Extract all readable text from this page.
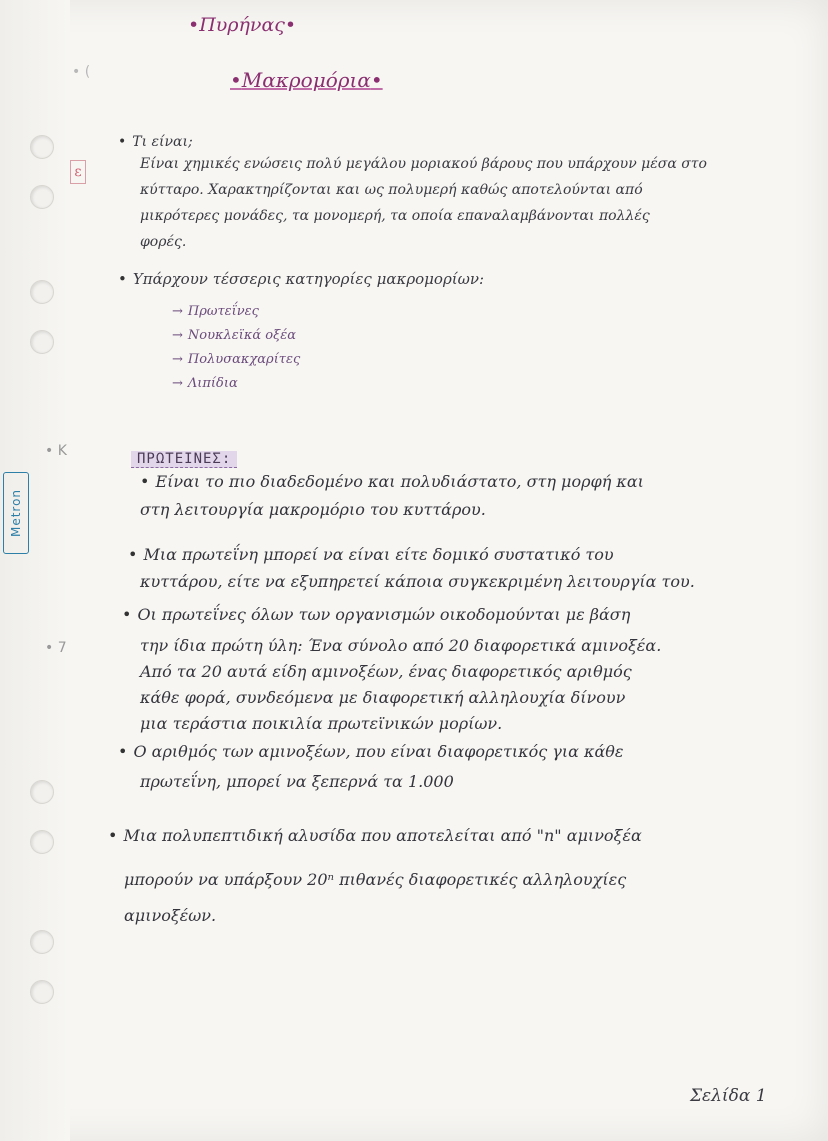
Metron
• (
• K
• 7
ε
•Πυρήνας•
•Μακρομόρια•
• Τι είναι;
Είναι χημικές ενώσεις πολύ μεγάλου μοριακού βάρους που υπάρχουν μέσα στο
κύτταρο. Χαρακτηρίζονται και ως πολυμερή καθώς αποτελούνται από
μικρότερες μονάδες, τα μονομερή, τα οποία επαναλαμβάνονται πολλές
φορές.
• Υπάρχουν τέσσερις κατηγορίες μακρομορίων:
→ Πρωτεΐνες
→ Νουκλεϊκά οξέα
→ Πολυσακχαρίτες
→ Λιπίδια
ΠΡΩΤΕΙΝΕΣ:
• Είναι το πιο διαδεδομένο και πολυδιάστατο, στη μορφή και
στη λειτουργία μακρομόριο του κυττάρου.
• Μια πρωτεΐνη μπορεί να είναι είτε δομικό συστατικό του
κυττάρου, είτε να εξυπηρετεί κάποια συγκεκριμένη λειτουργία του.
• Οι πρωτεΐνες όλων των οργανισμών οικοδομούνται με βάση
την ίδια πρώτη ύλη: Ένα σύνολο από 20 διαφορετικά αμινοξέα.
Από τα 20 αυτά είδη αμινοξέων, ένας διαφορετικός αριθμός
κάθε φορά, συνδεόμενα με διαφορετική αλληλουχία δίνουν
μια τεράστια ποικιλία πρωτεϊνικών μορίων.
• Ο αριθμός των αμινοξέων, που είναι διαφορετικός για κάθε
πρωτεΐνη, μπορεί να ξεπερνά τα 1.000
• Μια πολυπεπτιδική αλυσίδα που αποτελείται από "n" αμινοξέα
μπορούν να υπάρξουν 20ⁿ πιθανές διαφορετικές αλληλουχίες
αμινοξέων.
Σελίδα 1
